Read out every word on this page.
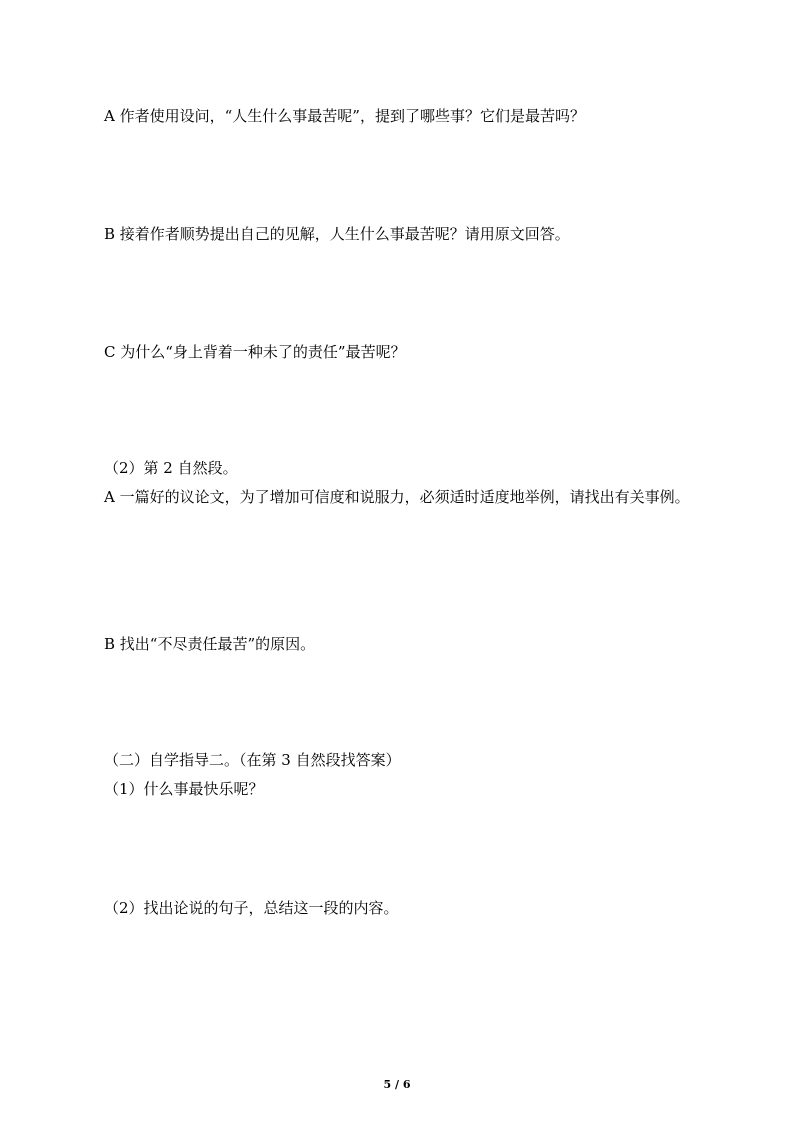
A 作者使用设问，“人生什么事最苦呢”，提到了哪些事？它们是最苦吗？
B 接着作者顺势提出自己的见解，人生什么事最苦呢？请用原文回答。
C 为什么“身上背着一种未了的责任”最苦呢？
（2）第 2 自然段。
A 一篇好的议论文，为了增加可信度和说服力，必须适时适度地举例，请找出有关事例。
B 找出“不尽责任最苦”的原因。
（二）自学指导二。（在第 3 自然段找答案）
（1）什么事最快乐呢？
（2）找出论说的句子，总结这一段的内容。
5 / 6
